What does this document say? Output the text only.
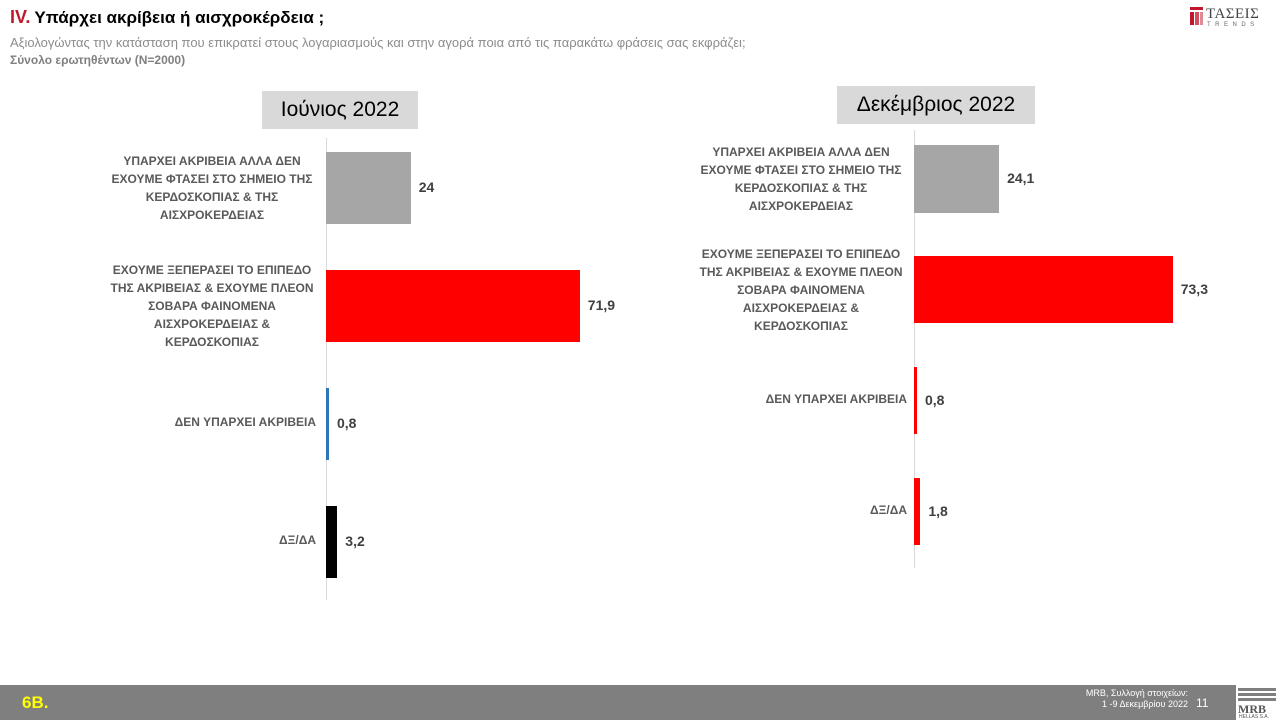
IV. Υπάρχει ακρίβεια ή αισχροκέρδεια ;
Αξιολογώντας την κατάσταση που επικρατεί στους λογαριασμούς και στην αγορά ποια από τις παρακάτω φράσεις σας εκφράζει;
Σύνολο ερωτηθέντων (N=2000)
ΤΑΣΕΙΣ
TRENDS
Ιούνιος 2022
ΥΠΑΡΧΕΙ ΑΚΡΙΒΕΙΑ ΑΛΛΑ ΔΕΝ ΕΧΟΥΜΕ ΦΤΑΣΕΙ ΣΤΟ ΣΗΜΕΙΟ ΤΗΣ ΚΕΡΔΟΣΚΟΠΙΑΣ & ΤΗΣ ΑΙΣΧΡΟΚΕΡΔΕΙΑΣ
24
ΕΧΟΥΜΕ ΞΕΠΕΡΑΣΕΙ ΤΟ ΕΠΙΠΕΔΟ ΤΗΣ ΑΚΡΙΒΕΙΑΣ & ΕΧΟΥΜΕ ΠΛΕΟΝ ΣΟΒΑΡΑ ΦΑΙΝΟΜΕΝΑ ΑΙΣΧΡΟΚΕΡΔΕΙΑΣ & ΚΕΡΔΟΣΚΟΠΙΑΣ
71,9
ΔΕΝ ΥΠΑΡΧΕΙ ΑΚΡΙΒΕΙΑ 0,8
ΔΞ/ΔΑ 3,2
Δεκέμβριος 2022
ΥΠΑΡΧΕΙ ΑΚΡΙΒΕΙΑ ΑΛΛΑ ΔΕΝ ΕΧΟΥΜΕ ΦΤΑΣΕΙ ΣΤΟ ΣΗΜΕΙΟ ΤΗΣ ΚΕΡΔΟΣΚΟΠΙΑΣ & ΤΗΣ ΑΙΣΧΡΟΚΕΡΔΕΙΑΣ
24,1
ΕΧΟΥΜΕ ΞΕΠΕΡΑΣΕΙ ΤΟ ΕΠΙΠΕΔΟ ΤΗΣ ΑΚΡΙΒΕΙΑΣ & ΕΧΟΥΜΕ ΠΛΕΟΝ ΣΟΒΑΡΑ ΦΑΙΝΟΜΕΝΑ ΑΙΣΧΡΟΚΕΡΔΕΙΑΣ & ΚΕΡΔΟΣΚΟΠΙΑΣ
73,3
ΔΕΝ ΥΠΑΡΧΕΙ ΑΚΡΙΒΕΙΑ 0,8
ΔΞ/ΔΑ 1,8
6Β.	MRB, Συλλογή στοιχείων:
1 -9 Δεκεμβρίου 2022 11 MRB
HELLAS S.A.
